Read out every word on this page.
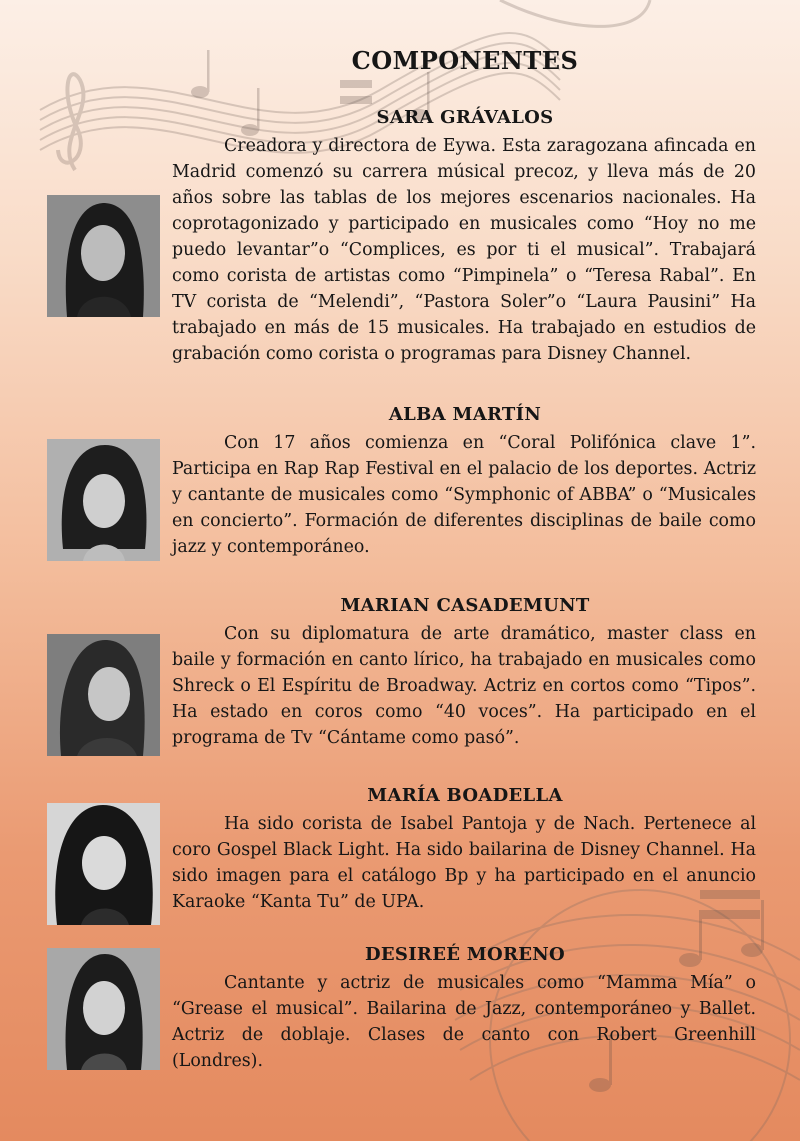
COMPONENTES
SARA GRÁVALOS

Creadora y directora de Eywa. Esta zaragozana afincada en Madrid comenzó su carrera músical precoz, y lleva más de 20 años sobre las tablas de los mejores escenarios nacionales. Ha coprotagonizado y participado en musicales como “Hoy no me puedo levantar”o “Complices, es por ti el musical”. Trabajará como corista de artistas como “Pimpinela” o “Teresa Rabal”. En TV corista de “Melendi”, “Pastora Soler”o “Laura Pausini” Ha trabajado en más de 15 musicales. Ha trabajado en estudios de grabación como corista o programas para Disney Channel.

ALBA MARTÍN

Con 17 años comienza en “Coral Polifónica clave 1”. Participa en Rap Rap Festival en el palacio de los deportes. Actriz y cantante de musicales como “Symphonic of ABBA” o “Musicales en concierto”. Formación de diferentes disciplinas de baile como jazz y contemporáneo.

MARIAN CASADEMUNT

Con su diplomatura de arte dramático, master class en baile y formación en canto lírico, ha trabajado en musicales como Shreck o El Espíritu de Broadway. Actriz en cortos como “Tipos”. Ha estado en coros como “40 voces”. Ha participado en el programa de Tv “Cántame como pasó”.

MARÍA BOADELLA

Ha sido corista de Isabel Pantoja y de Nach. Pertenece al coro Gospel Black Light. Ha sido bailarina de Disney Channel. Ha sido imagen para el catálogo Bp y ha participado en el anuncio Karaoke “Kanta Tu” de UPA.

DESIREÉ MORENO

Cantante y actriz de musicales como “Mamma Mía” o “Grease el musical”. Bailarina de Jazz, contemporáneo y Ballet. Actriz de doblaje. Clases de canto con Robert Greenhill (Londres).
